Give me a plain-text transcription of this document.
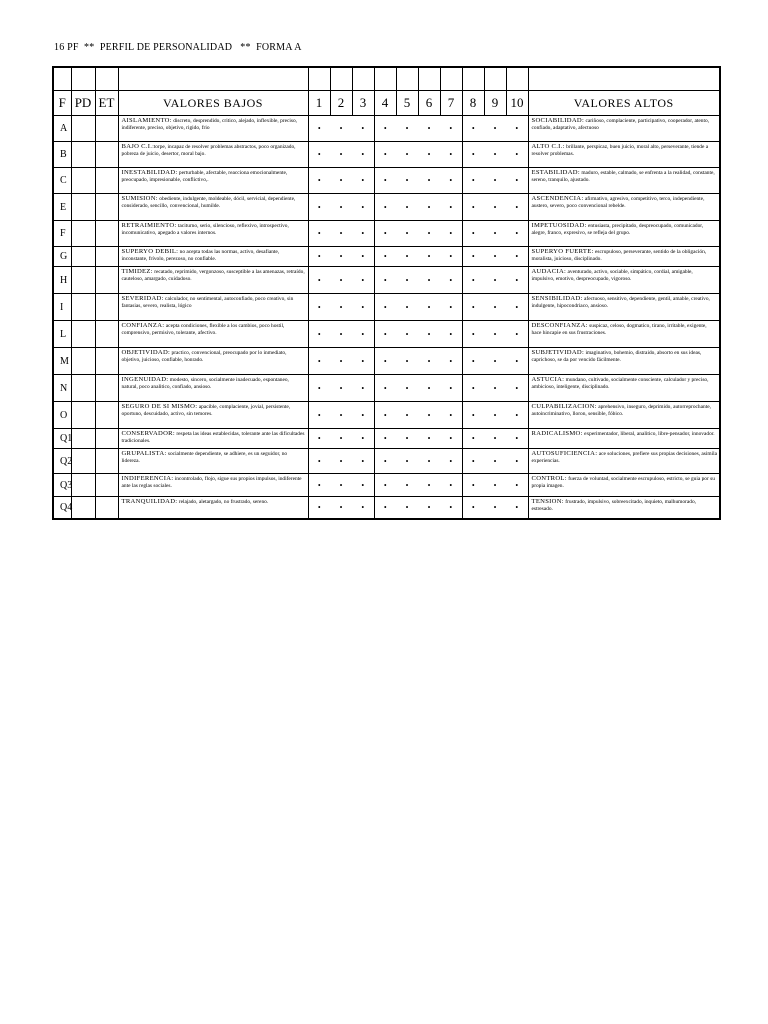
16 PF  **  PERFIL DE PERSONALIDAD   **  FORMA A

F	PD	ET	VALORES BAJOS	1	2	3	4	5	6	7	8	9	10	VALORES ALTOS
A			AISLAMIENTO: discreto, desprendido, critico, alejado, inflexible, preciso, indiferente, preciso, objetivo, rigido, frio	•	•	•	•	•	•	•	•	•	•	SOCIABILIDAD: cariñoso, complaciente, participativo, cooperador, atento, confiado, adaptativo, afectuoso
B			BAJO C.I.:torpe, incapaz de resolver problemas abstractos, poco organizado, pobreza de juicio, desertor, moral bajo.	•	•	•	•	•	•	•	•	•	•	ALTO C.I.: brillante, perspicaz, buen juicio, moral alto, perseverante, tiende a resolver problemas.
C			INESTABILIDAD: perturbable, afectable, reacciona emocionalmente, preocupado, impresionable, conflictivo,.	•	•	•	•	•	•	•	•	•	•	ESTABILIDAD: maduro, estable, calmado, se enfrenta a la realidad, constante, sereno, tranquilo, ajustado.
E			SUMISION: obediente, indulgente, moldeable, dócil, servicial, dependiente, considerado, sencillo, convencional, humilde.	•	•	•	•	•	•	•	•	•	•	ASCENDENCIA: afirmativo, agresivo, competitivo, terco, independiente, austero, severo, poco convencional rebelde.
F			RETRAIMIENTO: taciturno, serio, silencioso, reflexivo, introspectivo, incomunicativo, apegado a valores internos.	•	•	•	•	•	•	•	•	•	•	IMPETUOSIDAD: entusiasta, precipitado, despreocupado, comunicador, alegre, franco, expresivo, se refleja del grupo.
G			SUPERYO DEBIL: no acepta todas las normas, activo, desafiante, inconstante, frívolo, perezoso, no confiable.	•	•	•	•	•	•	•	•	•	•	SUPERYO FUERTE: escrupuloso, perseverante, sentido de la obligación, moralista, juicioso, disciplinado.
H			TIMIDEZ: recatado, reprimido, vergonzoso, susceptible a las amenazas, retraído, cauteloso, amargado, cuidadoso.	•	•	•	•	•	•	•	•	•	•	AUDACIA: aventurado, activo, sociable, simpático, cordial, amigable, impulsivo, emotivo, despreocupado, vigoroso.
I			SEVERIDAD: calculador, no sentimental, autoconfiado, poco creativo, sin fantasias, severo, realista, lógico	•	•	•	•	•	•	•	•	•	•	SENSIBILIDAD: afectuoso, sensitivo, dependiente, gentil, amable, creativo, indulgente, hipocondriaco, ansioso.
L			CONFIANZA: acepta condiciones, flexible a los cambios, poco hostil, comprensivo, permisivo, tolerante, afectivo.	•	•	•	•	•	•	•	•	•	•	DESCONFIANZA: suspicaz, celoso, dogmatico, tirano, irritable, exigente, hace hincapie en sus frustraciones.
M			OBJETIVIDAD: practico, convencional, preocupado por lo inmediato, objetivo, juicioso, confiable, honrado.	•	•	•	•	•	•	•	•	•	•	SUBJETIVIDAD: imaginativo, bohemio, distraido, absorto en sus ideas, caprichoso, se da por vencido fácilmente.
N			INGENUIDAD: modesto, sincero, socialmente inadecuado, espontaneo, natural, poco analitico, confiado, ansioso.	•	•	•	•	•	•	•	•	•	•	ASTUCIA: mundano, cultivado, socialmente consciente, calculador y preciso, ambicioso, inteligente, disciplinado.
O			SEGURO DE SI MISMO: apacible, complaciente, jovial, persistente, oportuno, descuidado, activo, sin temores.	•	•	•	•	•	•	•	•	•	•	CULPABILIZACION: aprehensivo, inseguro, deprimido, autorreprochante, autoincriminativo, lloron, sensible, fóbico.
Q1			CONSERVADOR: respeta las ideas establecidas, tolerante ante las dificultades tradicionales.	•	•	•	•	•	•	•	•	•	•	RADICALISMO: experimentador, liberal, analitico, libre-pensador, innovador.
Q2			GRUPALISTA: socialmente dependiente, se adhiere, es un seguidor, no lidereza.	•	•	•	•	•	•	•	•	•	•	AUTOSUFICIENCIA: ace soluciones, prefiere sus propias decisiones, asimila experiencias.
Q3			INDIFERENCIA: incontrolado, flojo, sigue sus propios impulsos, indiferente ante las reglas sociales.	•	•	•	•	•	•	•	•	•	•	CONTROL: fuerza de voluntad, socialmente escrupuloso, estricto, se guia por su propia imagen.
Q4			TRANQUILIDAD: relajado, aletargado, no frustrado, sereno.	•	•	•	•	•	•	•	•	•	•	TENSION: frustrado, impulsivo, sobreexcitado, inquieto, malhumorado, estresado.
